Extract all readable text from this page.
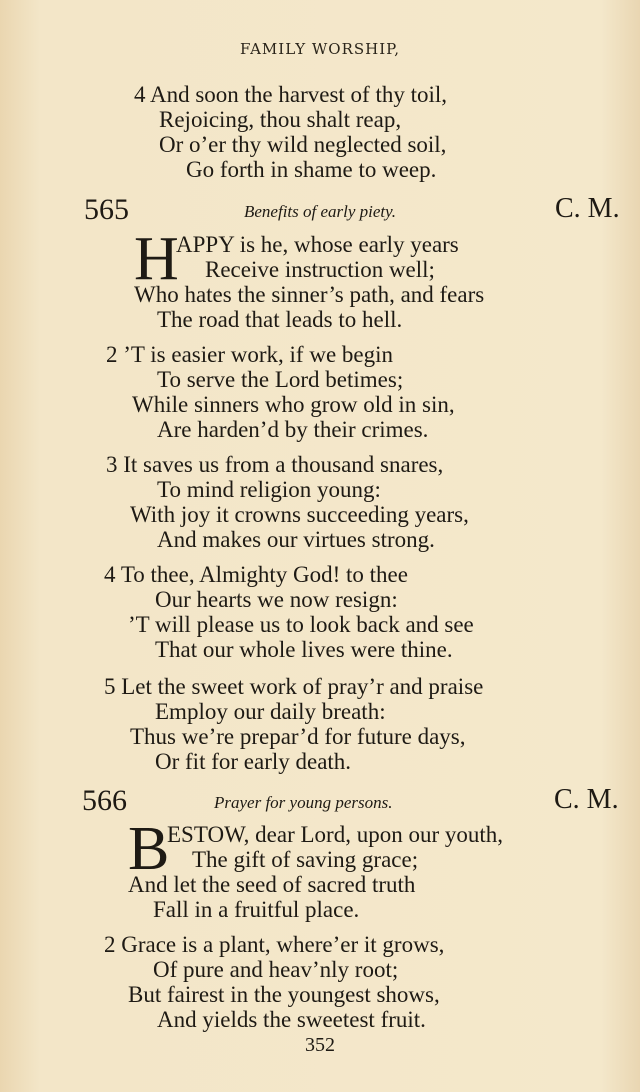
FAMILY WORSHIP,
4 And soon the harvest of thy toil,
Rejoicing, thou shalt reap,
Or o’er thy wild neglected soil,
Go forth in shame to weep.
565	Benefits of early piety.	C. M.
H
APPY is he, whose early years
Receive instruction well;
Who hates the sinner’s path, and fears
The road that leads to hell.
2 ’T is easier work, if we begin
To serve the Lord betimes;
While sinners who grow old in sin,
Are harden’d by their crimes.
3 It saves us from a thousand snares,
To mind religion young:
With joy it crowns succeeding years,
And makes our virtues strong.
4 To thee, Almighty God! to thee
Our hearts we now resign:
’T will please us to look back and see
That our whole lives were thine.
5 Let the sweet work of pray’r and praise
Employ our daily breath:
Thus we’re prepar’d for future days,
Or fit for early death.
566	Prayer for young persons.	C. M.
B
ESTOW, dear Lord, upon our youth,
The gift of saving grace;
And let the seed of sacred truth
Fall in a fruitful place.
2 Grace is a plant, where’er it grows,
Of pure and heav’nly root;
But fairest in the youngest shows,
And yields the sweetest fruit.
352
